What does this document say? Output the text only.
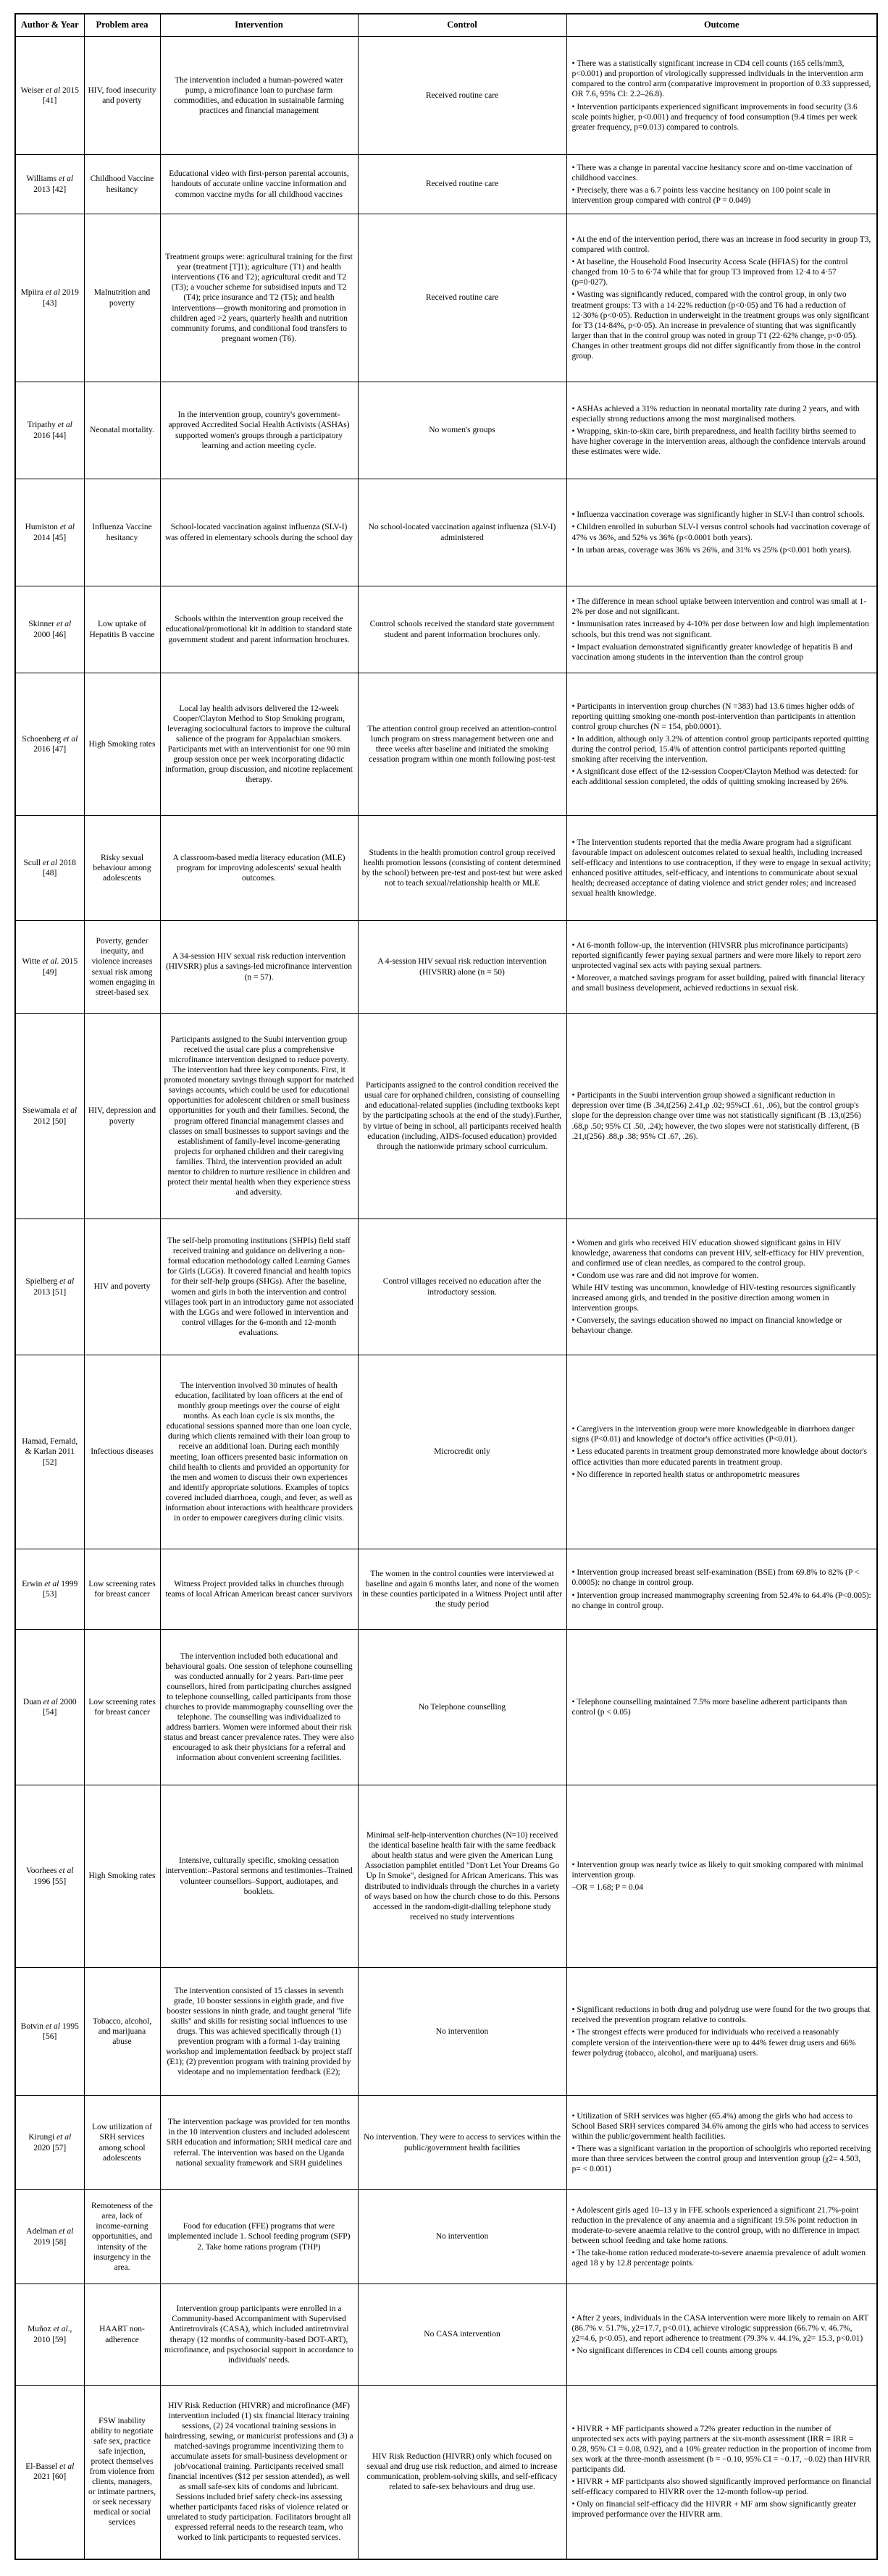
Author & Year	Problem area	Intervention	Control	Outcome
Weiser et al 2015 [41]	HIV, food insecurity and poverty	The intervention included a human-powered water pump, a microfinance loan to purchase farm commodities, and education in sustainable farming practices and financial management	Received routine care	• There was a statistically significant increase in CD4 cell counts (165 cells/mm3, p<0.001) and proportion of virologically suppressed individuals in the intervention arm compared to the control arm (comparative improvement in proportion of 0.33 suppressed, OR 7.6, 95% CI: 2.2–26.8).
• Intervention participants experienced significant improvements in food security (3.6 scale points higher, p<0.001) and frequency of food consumption (9.4 times per week greater frequency, p=0.013) compared to controls.

Williams et al 2013 [42]	Childhood Vaccine hesitancy	Educational video with first-person parental accounts, handouts of accurate online vaccine information and common vaccine myths for all childhood vaccines	Received routine care	• There was a change in parental vaccine hesitancy score and on-time vaccination of childhood vaccines.
• Precisely, there was a 6.7 points less vaccine hesitancy on 100 point scale in intervention group compared with control (P = 0.049)

Mpiira et al 2019 [43]	Malnutrition and poverty	Treatment groups were: agricultural training for the first year (treatment [T]1); agriculture (T1) and health interventions (T6 and T2); agricultural credit and T2 (T3); a voucher scheme for subsidised inputs and T2 (T4); price insurance and T2 (T5); and health interventions—growth monitoring and promotion in children aged >2 years, quarterly health and nutrition community forums, and conditional food transfers to pregnant women (T6).	Received routine care	
• At the end of the intervention period, there was an increase in food security in group T3, compared with control.
• At baseline, the Household Food Insecurity Access Scale (HFIAS) for the control changed from 10·5 to 6·74 while that for group T3 improved from 12·4 to 4·57 (p=0·027).
• Wasting was significantly reduced, compared with the control group, in only two treatment groups: T3 with a 14·22% reduction (p<0·05) and T6 had a reduction of 12·30% (p<0·05). Reduction in underweight in the treatment groups was only significant for T3 (14·84%, p<0·05). An increase in prevalence of stunting that was significantly larger than that in the control group was noted in group T1 (22·62% change, p<0·05). Changes in other treatment groups did not differ significantly from those in the control group.

Tripathy et al 2016 [44]	Neonatal mortality.	In the intervention group, country's government-approved Accredited Social Health Activists (ASHAs) supported women's groups through a participatory learning and action meeting cycle.	No women's groups	• ASHAs achieved a 31% reduction in neonatal mortality rate during 2 years, and with especially strong reductions among the most marginalised mothers.
• Wrapping, skin-to-skin care, birth preparedness, and health facility births seemed to have higher coverage in the intervention areas, although the confidence intervals around these estimates were wide.

Humiston et al 2014 [45]	Influenza Vaccine hesitancy	School-located vaccination against influenza (SLV-I) was offered in elementary schools during the school day	No school-located vaccination against influenza (SLV-I) administered	• Influenza vaccination coverage was significantly higher in SLV-I than control schools.
• Children enrolled in suburban SLV-I versus control schools had vaccination coverage of 47% vs 36%, and 52% vs 36% (p<0.0001 both years).
• In urban areas, coverage was 36% vs 26%, and 31% vs 25% (p<0.001 both years).

Skinner et al 2000 [46]	Low uptake of Hepatitis B vaccine	Schools within the intervention group received the educational/promotional kit in addition to standard state government student and parent information brochures.	Control schools received the standard state government student and parent information brochures only.	• The difference in mean school uptake between intervention and control was small at 1-2% per dose and not significant.
• Immunisation rates increased by 4-10% per dose between low and high implementation schools, but this trend was not significant.
• Impact evaluation demonstrated significantly greater knowledge of hepatitis B and vaccination among students in the intervention than the control group

Schoenberg et al 2016 [47]	High Smoking rates	Local lay health advisors delivered the 12-week Cooper/Clayton Method to Stop Smoking program, leveraging sociocultural factors to improve the cultural salience of the program for Appalachian smokers. Participants met with an interventionist for one 90 min group session once per week incorporating didactic information, group discussion, and nicotine replacement therapy.	The attention control group received an attention-control lunch program on stress management between one and three weeks after baseline and initiated the smoking cessation program within one month following post-test	
• Participants in intervention group churches (N =383) had 13.6 times higher odds of reporting quitting smoking one-month post-intervention than participants in attention control group churches (N = 154, pb0.0001).
• In addition, although only 3.2% of attention control group participants reported quitting during the control period, 15.4% of attention control participants reported quitting smoking after receiving the intervention.
• A significant dose effect of the 12-session Cooper/Clayton Method was detected: for each additional session completed, the odds of quitting smoking increased by 26%.

Scull et al 2018 [48]	Risky sexual behaviour among adolescents	A classroom-based media literacy education (MLE) program for improving adolescents' sexual health outcomes.	Students in the health promotion control group received health promotion lessons (consisting of content determined by the school) between pre-test and post-test but were asked not to teach sexual/relationship health or MLE	
• The Intervention students reported that the media Aware program had a significant favourable impact on adolescent outcomes related to sexual health, including increased self-efficacy and intentions to use contraception, if they were to engage in sexual activity; enhanced positive attitudes, self-efficacy, and intentions to communicate about sexual health; decreased acceptance of dating violence and strict gender roles; and increased sexual health knowledge.

Witte et al. 2015 [49]	Poverty, gender inequity, and violence increases sexual risk among women engaging in street-based sex	A 34-session HIV sexual risk reduction intervention (HIVSRR) plus a savings-led microfinance intervention (n = 57).	A 4-session HIV sexual risk reduction intervention (HIVSRR) alone (n = 50)	• At 6-month follow-up, the intervention (HIVSRR plus microfinance participants) reported significantly fewer paying sexual partners and were more likely to report zero unprotected vaginal sex acts with paying sexual partners.
• Moreover, a matched savings program for asset building, paired with financial literacy and small business development, achieved reductions in sexual risk.

Ssewamala et al 2012 [50]	HIV, depression and poverty	Participants assigned to the Suubi intervention group received the usual care plus a comprehensive microfinance intervention designed to reduce poverty. The intervention had three key components. First, it promoted monetary savings through support for matched savings accounts, which could be used for educational opportunities for adolescent children or small business opportunities for youth and their families. Second, the program offered financial management classes and classes on small businesses to support savings and the establishment of family-level income-generating projects for orphaned children and their caregiving families. Third, the intervention provided an adult mentor to children to nurture resilience in children and protect their mental health when they experience stress and adversity.	Participants assigned to the control condition received the usual care for orphaned children, consisting of counselling and educational-related supplies (including textbooks kept by the participating schools at the end of the study).Further, by virtue of being in school, all participants received health education (including, AIDS-focused education) provided through the nationwide primary school curriculum.	
• Participants in the Suubi intervention group showed a significant reduction in depression over time (B .34,t(256) 2.41,p .02; 95%CI .61, .06), but the control group's slope for the depression change over time was not statistically significant (B .13,t(256) .68,p .50; 95% CI .50, .24); however, the two slopes were not statistically different, (B .21,t(256) .88,p .38; 95% CI .67, .26).

Spielberg et al 2013 [51]	HIV and poverty	The self-help promoting institutions (SHPIs) field staff received training and guidance on delivering a non-formal education methodology called Learning Games for Girls (LGGs). It covered financial and health topics for their self-help groups (SHGs). After the baseline, women and girls in both the intervention and control villages took part in an introductory game not associated with the LGGs and were followed in intervention and control villages for the 6-month and 12-month evaluations.	Control villages received no education after the introductory session.	
• Women and girls who received HIV education showed significant gains in HIV knowledge, awareness that condoms can prevent HIV, self-efficacy for HIV prevention, and confirmed use of clean needles, as compared to the control group.
• Condom use was rare and did not improve for women.
While HIV testing was uncommon, knowledge of HIV-testing resources significantly increased among girls, and trended in the positive direction among women in intervention groups.
• Conversely, the savings education showed no impact on financial knowledge or behaviour change.

Hamad, Fernald, & Karlan 2011 [52]	Infectious diseases	The intervention involved 30 minutes of health education, facilitated by loan officers at the end of monthly group meetings over the course of eight months. As each loan cycle is six months, the educational sessions spanned more than one loan cycle, during which clients remained with their loan group to receive an additional loan. During each monthly meeting, loan officers presented basic information on child health to clients and provided an opportunity for the men and women to discuss their own experiences and identify appropriate solutions. Examples of topics covered included diarrhoea, cough, and fever, as well as information about interactions with healthcare providers in order to empower caregivers during clinic visits.	Microcredit only	
• Caregivers in the intervention group were more knowledgeable in diarrhoea danger signs (P<0.01) and knowledge of doctor's office activities (P<0.01).
• Less educated parents in treatment group demonstrated more knowledge about doctor's office activities than more educated parents in treatment group.
• No difference in reported health status or anthropometric measures

Erwin et al 1999 [53]	Low screening rates for breast cancer	Witness Project provided talks in churches through teams of local African American breast cancer survivors	The women in the control counties were interviewed at baseline and again 6 months later, and none of the women in these counties participated in a Witness Project until after the study period	• Intervention group increased breast self-examination (BSE) from 69.8% to 82% (P < 0.0005): no change in control group.
• Intervention group increased mammography screening from 52.4% to 64.4% (P<0.005): no change in control group.

Duan et al 2000 [54]	Low screening rates for breast cancer	The intervention included both educational and behavioural goals. One session of telephone counselling was conducted annually for 2 years. Part-time peer counsellors, hired from participating churches assigned to telephone counselling, called participants from those churches to provide mammography counselling over the telephone. The counselling was individualized to address barriers. Women were informed about their risk status and breast cancer prevalence rates. They were also encouraged to ask their physicians for a referral and information about convenient screening facilities.	No Telephone counselling	• Telephone counselling maintained 7.5% more baseline adherent participants than control (p < 0.05)

Voorhees et al 1996 [55]	High Smoking rates	Intensive, culturally specific, smoking cessation intervention:–Pastoral sermons and testimonies–Trained volunteer counsellors–Support, audiotapes, and booklets.	Minimal self-help-intervention churches (N=10) received the identical baseline health fair with the same feedback about health status and were given the American Lung Association pamphlet entitled "Don't Let Your Dreams Go Up In Smoke", designed for African Americans. This was distributed to individuals through the churches in a variety of ways based on how the church chose to do this. Persons accessed in the random-digit-dialling telephone study received no study interventions	• Intervention group was nearly twice as likely to quit smoking compared with minimal intervention group.
–OR = 1.68; P = 0.04

Botvin et al 1995 [56]	Tobacco, alcohol, and marijuana abuse	The intervention consisted of 15 classes in seventh grade, 10 booster sessions in eighth grade, and five booster sessions in ninth grade, and taught general "life skills" and skills for resisting social influences to use drugs. This was achieved specifically through (1) prevention program with a formal 1-day training workshop and implementation feedback by project staff (E1); (2) prevention program with training provided by videotape and no implementation feedback (E2);	No intervention	
• Significant reductions in both drug and polydrug use were found for the two groups that received the prevention program relative to controls.
• The strongest effects were produced for individuals who received a reasonably complete version of the intervention-there were up to 44% fewer drug users and 66% fewer polydrug (tobacco, alcohol, and marijuana) users.

Kirungi et al 2020 [57]	Low utilization of SRH services among school adolescents	The intervention package was provided for ten months in the 10 intervention clusters and included adolescent SRH education and information; SRH medical care and referral. The intervention was based on the Uganda national sexuality framework and SRH guidelines	No intervention. They were to access to services within the public/government health facilities	
• Utilization of SRH services was higher (65.4%) among the girls who had access to School Based SRH services compared 34.6% among the girls who had access to services within the public/government health facilities.
• There was a significant variation in the proportion of schoolgirls who reported receiving more than three services between the control group and intervention group (χ2= 4.503, p= < 0.001)

Adelman et al 2019 [58]	Remoteness of the area, lack of income-earning opportunities, and intensity of the insurgency in the area.	Food for education (FFE) programs that were implemented include 1. School feeding program (SFP) 2. Take home rations program (THP)	No intervention	• Adolescent girls aged 10–13 y in FFE schools experienced a significant 21.7%-point reduction in the prevalence of any anaemia and a significant 19.5% point reduction in moderate-to-severe anaemia relative to the control group, with no difference in impact between school feeding and take home rations.
• The take-home ration reduced moderate-to-severe anaemia prevalence of adult women aged 18 y by 12.8 percentage points.

Muñoz et al., 2010 [59]	HAART non-adherence	Intervention group participants were enrolled in a Community-based Accompaniment with Supervised Antiretrovirals (CASA), which included antiretroviral therapy (12 months of community-based DOT-ART), microfinance, and psychosocial support in accordance to individuals' needs.	No CASA intervention	
• After 2 years, individuals in the CASA intervention were more likely to remain on ART (86.7% v. 51.7%, χ2=17.7, p<0.01), achieve virologic suppression (66.7% v. 46.7%, χ2=4.6, p<0.05), and report adherence to treatment (79.3% v. 44.1%, χ2= 15.3, p<0.01)
• No significant differences in CD4 cell counts among groups

El-Bassel et al 2021 [60]	FSW inability ability to negotiate safe sex, practice safe injection, protect themselves from violence from clients, managers, or intimate partners, or seek necessary medical or social services	HIV Risk Reduction (HIVRR) and microfinance (MF) intervention included (1) six financial literacy training sessions, (2) 24 vocational training sessions in hairdressing, sewing, or manicurist professions and (3) a matched-savings programme incentivizing them to accumulate assets for small-business development or job/vocational training. Participants received small financial incentives ($12 per session attended), as well as small safe-sex kits of condoms and lubricant. Sessions included brief safety check-ins assessing whether participants faced risks of violence related or unrelated to study participation. Facilitators brought all expressed referral needs to the research team, who worked to link participants to requested services.	HIV Risk Reduction (HIVRR) only which focused on sexual and drug use risk reduction, and aimed to increase communication, problem-solving skills, and self-efficacy related to safe-sex behaviours and drug use.	
• HIVRR + MF participants showed a 72% greater reduction in the number of unprotected sex acts with paying partners at the six-month assessment (IRR = IRR = 0.28, 95% CI = 0.08, 0.92), and a 10% greater reduction in the proportion of income from sex work at the three-month assessment (b = −0.10, 95% CI = −0.17, −0.02) than HIVRR participants did.
• HIVRR + MF participants also showed significantly improved performance on financial self-efficacy compared to HIVRR over the 12-month follow-up period.
• Only on financial self-efficacy did the HIVRR + MF arm show significantly greater improved performance over the HIVRR arm.
